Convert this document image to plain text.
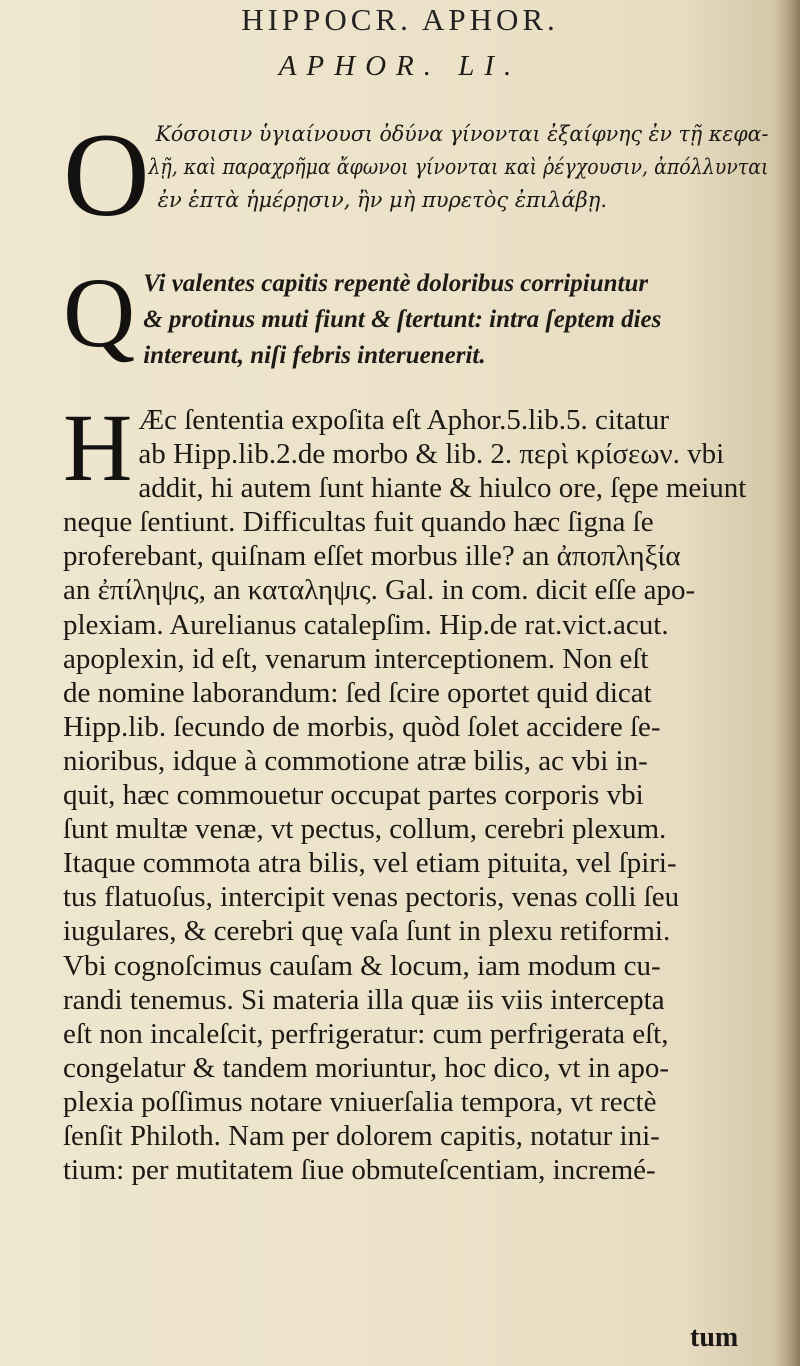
HIPPOCR. APHOR.
APHOR. LI.
O Κόσοισιν ὑγιαίνουσι ὀδύνα γίνονται ἐξαίφνης ἐν τῇ κεφα-
λῇ, καὶ παραχρῆμα ἄφωνοι γίνονται καὶ ῥέγχουσιν, ἀπόλλυνται
ἐν ἑπτὰ ἡμέρῃσιν, ἢν μὴ πυρετὸς ἐπιλάβῃ.
Q Vi valentes capitis repentè doloribus corripiuntur
& protinus muti fiunt & ſtertunt: intra ſeptem dies
intereunt, niſi febris interuenerit.
H Æc ſententia expoſita eſt Aphor.5.lib.5. citatur
ab Hipp.lib.2.de morbo & lib. 2. περὶ κρίσεων. vbi
addit, hi autem ſunt hiante & hiulco ore, ſępe meiunt
neque ſentiunt. Difficultas fuit quando hæc ſigna ſe
proferebant, quiſnam eſſet morbus ille? an ἀποπληξία
an ἐπίληψις, an καταληψις. Gal. in com. dicit eſſe apo-
plexiam. Aurelianus catalepſim. Hip.de rat.vict.acut.
apoplexin, id eſt, venarum interceptionem. Non eſt
de nomine laborandum: ſed ſcire oportet quid dicat
Hipp.lib. ſecundo de morbis, quòd ſolet accidere ſe-
nioribus, idque à commotione atræ bilis, ac vbi in-
quit, hæc commouetur occupat partes corporis vbi
ſunt multæ venæ, vt pectus, collum, cerebri plexum.
Itaque commota atra bilis, vel etiam pituita, vel ſpiri-
tus flatuoſus, intercipit venas pectoris, venas colli ſeu
iugulares, & cerebri quę vaſa ſunt in plexu retiformi.
Vbi cognoſcimus cauſam & locum, iam modum cu-
randi tenemus. Si materia illa quæ iis viis intercepta
eſt non incaleſcit, perfrigeratur: cum perfrigerata eſt,
congelatur & tandem moriuntur, hoc dico, vt in apo-
plexia poſſimus notare vniuerſalia tempora, vt rectè
ſenſit Philoth. Nam per dolorem capitis, notatur ini-
tium: per mutitatem ſiue obmuteſcentiam, incremé-
tum
